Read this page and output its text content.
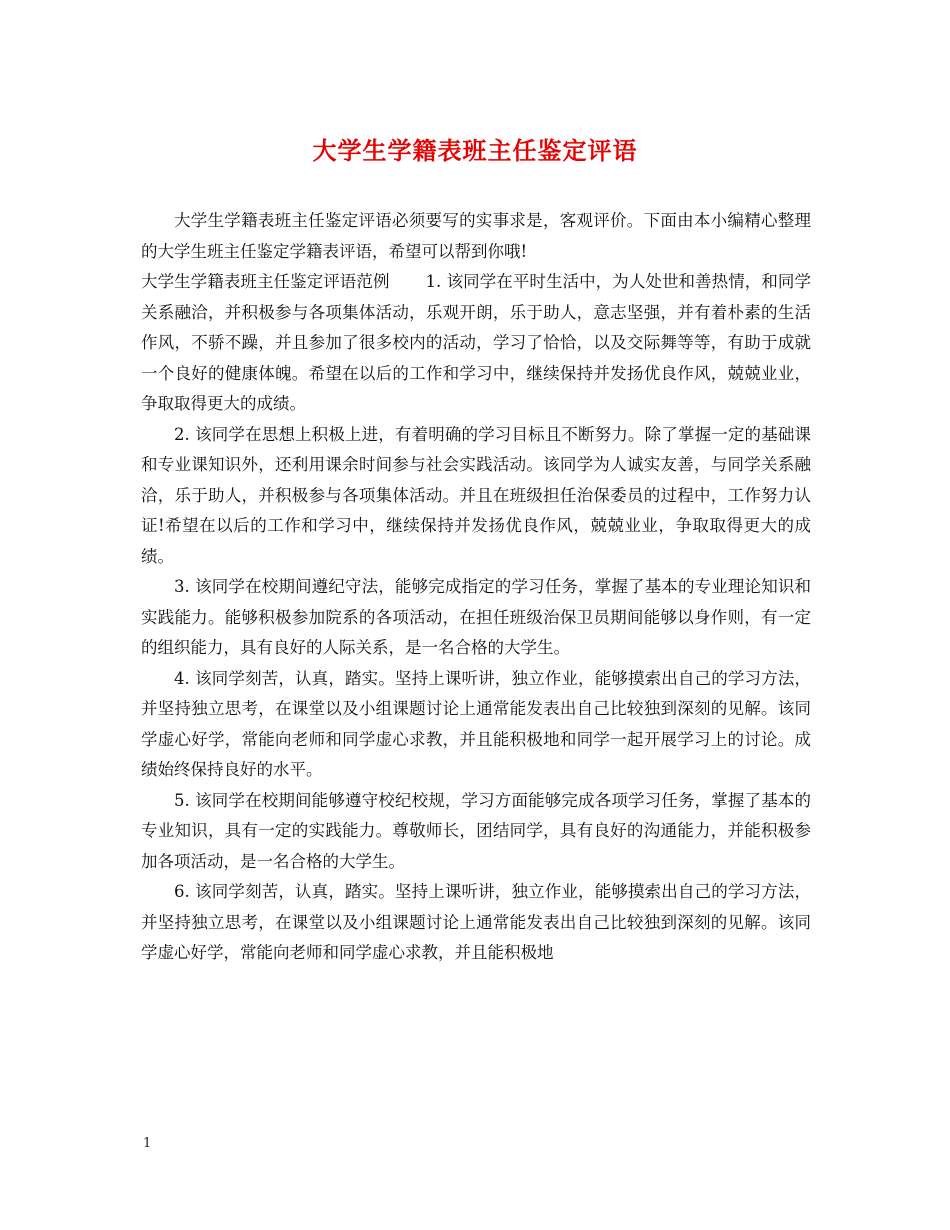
大学生学籍表班主任鉴定评语

大学生学籍表班主任鉴定评语必须要写的实事求是，客观评价。下面由本小编精心整理的大学生班主任鉴定学籍表评语，希望可以帮到你哦!

大学生学籍表班主任鉴定评语范例 1. 该同学在平时生活中，为人处世和善热情，和同学关系融洽，并积极参与各项集体活动，乐观开朗，乐于助人，意志坚强，并有着朴素的生活作风，不骄不躁，并且参加了很多校内的活动，学习了恰恰，以及交际舞等等，有助于成就一个良好的健康体魄。希望在以后的工作和学习中，继续保持并发扬优良作风，兢兢业业，争取取得更大的成绩。

2. 该同学在思想上积极上进，有着明确的学习目标且不断努力。除了掌握一定的基础课和专业课知识外，还利用课余时间参与社会实践活动。该同学为人诚实友善，与同学关系融洽，乐于助人，并积极参与各项集体活动。并且在班级担任治保委员的过程中，工作努力认证!希望在以后的工作和学习中，继续保持并发扬优良作风，兢兢业业，争取取得更大的成绩。

3. 该同学在校期间遵纪守法，能够完成指定的学习任务，掌握了基本的专业理论知识和实践能力。能够积极参加院系的各项活动，在担任班级治保卫员期间能够以身作则，有一定的组织能力，具有良好的人际关系，是一名合格的大学生。

4. 该同学刻苦，认真，踏实。坚持上课听讲，独立作业，能够摸索出自己的学习方法，并坚持独立思考，在课堂以及小组课题讨论上通常能发表出自己比较独到深刻的见解。该同学虚心好学，常能向老师和同学虚心求教，并且能积极地和同学一起开展学习上的讨论。成绩始终保持良好的水平。

5. 该同学在校期间能够遵守校纪校规，学习方面能够完成各项学习任务，掌握了基本的专业知识，具有一定的实践能力。尊敬师长，团结同学，具有良好的沟通能力，并能积极参加各项活动，是一名合格的大学生。

6. 该同学刻苦，认真，踏实。坚持上课听讲，独立作业，能够摸索出自己的学习方法，并坚持独立思考，在课堂以及小组课题讨论上通常能发表出自己比较独到深刻的见解。该同学虚心好学，常能向老师和同学虚心求教，并且能积极地

1
